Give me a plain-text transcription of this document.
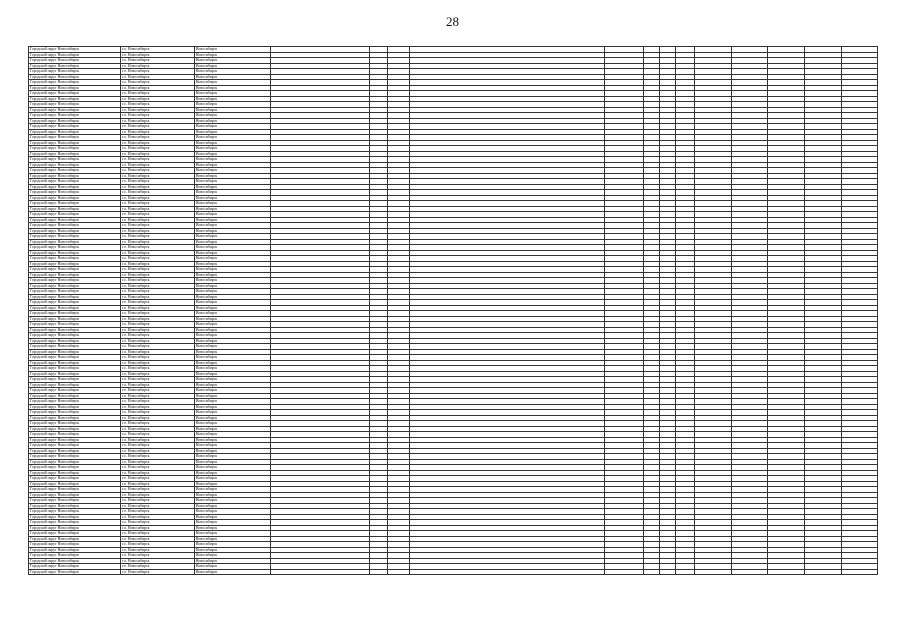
28
Городской округ Новосибирск	г.о. Новосибирск	Новосибирск													
Городской округ Новосибирск	г.о. Новосибирск	Новосибирск													
Городской округ Новосибирск	г.о. Новосибирск	Новосибирск													
Городской округ Новосибирск	г.о. Новосибирск	Новосибирск													
Городской округ Новосибирск	г.о. Новосибирск	Новосибирск													
Городской округ Новосибирск	г.о. Новосибирск	Новосибирск													
Городской округ Новосибирск	г.о. Новосибирск	Новосибирск													
Городской округ Новосибирск	г.о. Новосибирск	Новосибирск													
Городской округ Новосибирск	г.о. Новосибирск	Новосибирск													
Городской округ Новосибирск	г.о. Новосибирск	Новосибирск													
Городской округ Новосибирск	г.о. Новосибирск	Новосибирск													
Городской округ Новосибирск	г.о. Новосибирск	Новосибирск													
Городской округ Новосибирск	г.о. Новосибирск	Новосибирск													
Городской округ Новосибирск	г.о. Новосибирск	Новосибирск													
Городской округ Новосибирск	г.о. Новосибирск	Новосибирск													
Городской округ Новосибирск	г.о. Новосибирск	Новосибирск													
Городской округ Новосибирск	г.о. Новосибирск	Новосибирск													
Городской округ Новосибирск	г.о. Новосибирск	Новосибирск													
Городской округ Новосибирск	г.о. Новосибирск	Новосибирск													
Городской округ Новосибирск	г.о. Новосибирск	Новосибирск													
Городской округ Новосибирск	г.о. Новосибирск	Новосибирск													
Городской округ Новосибирск	г.о. Новосибирск	Новосибирск													
Городской округ Новосибирск	г.о. Новосибирск	Новосибирск													
Городской округ Новосибирск	г.о. Новосибирск	Новосибирск													
Городской округ Новосибирск	г.о. Новосибирск	Новосибирск													
Городской округ Новосибирск	г.о. Новосибирск	Новосибирск													
Городской округ Новосибирск	г.о. Новосибирск	Новосибирск													
Городской округ Новосибирск	г.о. Новосибирск	Новосибирск													
Городской округ Новосибирск	г.о. Новосибирск	Новосибирск													
Городской округ Новосибирск	г.о. Новосибирск	Новосибирск													
Городской округ Новосибирск	г.о. Новосибирск	Новосибирск													
Городской округ Новосибирск	г.о. Новосибирск	Новосибирск													
Городской округ Новосибирск	г.о. Новосибирск	Новосибирск													
Городской округ Новосибирск	г.о. Новосибирск	Новосибирск													
Городской округ Новосибирск	г.о. Новосибирск	Новосибирск													
Городской округ Новосибирск	г.о. Новосибирск	Новосибирск													
Городской округ Новосибирск	г.о. Новосибирск	Новосибирск													
Городской округ Новосибирск	г.о. Новосибирск	Новосибирск													
Городской округ Новосибирск	г.о. Новосибирск	Новосибирск													
Городской округ Новосибирск	г.о. Новосибирск	Новосибирск													
Городской округ Новосибирск	г.о. Новосибирск	Новосибирск													
Городской округ Новосибирск	г.о. Новосибирск	Новосибирск													
Городской округ Новосибирск	г.о. Новосибирск	Новосибирск													
Городской округ Новосибирск	г.о. Новосибирск	Новосибирск													
Городской округ Новосибирск	г.о. Новосибирск	Новосибирск													
Городской округ Новосибирск	г.о. Новосибирск	Новосибирск													
Городской округ Новосибирск	г.о. Новосибирск	Новосибирск													
Городской округ Новосибирск	г.о. Новосибирск	Новосибирск													
Городской округ Новосибирск	г.о. Новосибирск	Новосибирск													
Городской округ Новосибирск	г.о. Новосибирск	Новосибирск													
Городской округ Новосибирск	г.о. Новосибирск	Новосибирск													
Городской округ Новосибирск	г.о. Новосибирск	Новосибирск													
Городской округ Новосибирск	г.о. Новосибирск	Новосибирск													
Городской округ Новосибирск	г.о. Новосибирск	Новосибирск													
Городской округ Новосибирск	г.о. Новосибирск	Новосибирск													
Городской округ Новосибирск	г.о. Новосибирск	Новосибирск													
Городской округ Новосибирск	г.о. Новосибирск	Новосибирск													
Городской округ Новосибирск	г.о. Новосибирск	Новосибирск													
Городской округ Новосибирск	г.о. Новосибирск	Новосибирск													
Городской округ Новосибирск	г.о. Новосибирск	Новосибирск													
Городской округ Новосибирск	г.о. Новосибирск	Новосибирск													
Городской округ Новосибирск	г.о. Новосибирск	Новосибирск													
Городской округ Новосибирск	г.о. Новосибирск	Новосибирск													
Городской округ Новосибирск	г.о. Новосибирск	Новосибирск													
Городской округ Новосибирск	г.о. Новосибирск	Новосибирск													
Городской округ Новосибирск	г.о. Новосибирск	Новосибирск													
Городской округ Новосибирск	г.о. Новосибирск	Новосибирск													
Городской округ Новосибирск	г.о. Новосибирск	Новосибирск													
Городской округ Новосибирск	г.о. Новосибирск	Новосибирск													
Городской округ Новосибирск	г.о. Новосибирск	Новосибирск													
Городской округ Новосибирск	г.о. Новосибирск	Новосибирск													
Городской округ Новосибирск	г.о. Новосибирск	Новосибирск													
Городской округ Новосибирск	г.о. Новосибирск	Новосибирск													
Городской округ Новосибирск	г.о. Новосибирск	Новосибирск													
Городской округ Новосибирск	г.о. Новосибирск	Новосибирск													
Городской округ Новосибирск	г.о. Новосибирск	Новосибирск													
Городской округ Новосибирск	г.о. Новосибирск	Новосибирск													
Городской округ Новосибирск	г.о. Новосибирск	Новосибирск													
Городской округ Новосибирск	г.о. Новосибирск	Новосибирск													
Городской округ Новосибирск	г.о. Новосибирск	Новосибирск													
Городской округ Новосибирск	г.о. Новосибирск	Новосибирск													
Городской округ Новосибирск	г.о. Новосибирск	Новосибирск													
Городской округ Новосибирск	г.о. Новосибирск	Новосибирск													
Городской округ Новосибирск	г.о. Новосибирск	Новосибирск													
Городской округ Новосибирск	г.о. Новосибирск	Новосибирск													
Городской округ Новосибирск	г.о. Новосибирск	Новосибирск													
Городской округ Новосибирск	г.о. Новосибирск	Новосибирск													
Городской округ Новосибирск	г.о. Новосибирск	Новосибирск													
Городской округ Новосибирск	г.о. Новосибирск	Новосибирск													
Городской округ Новосибирск	г.о. Новосибирск	Новосибирск													
Городской округ Новосибирск	г.о. Новосибирск	Новосибирск													
Городской округ Новосибирск	г.о. Новосибирск	Новосибирск													
Городской округ Новосибирск	г.о. Новосибирск	Новосибирск													
Городской округ Новосибирск	г.о. Новосибирск	Новосибирск													
Городской округ Новосибирск	г.о. Новосибирск	Новосибирск													
Городской округ Новосибирск	г.о. Новосибирск	Новосибирск													
